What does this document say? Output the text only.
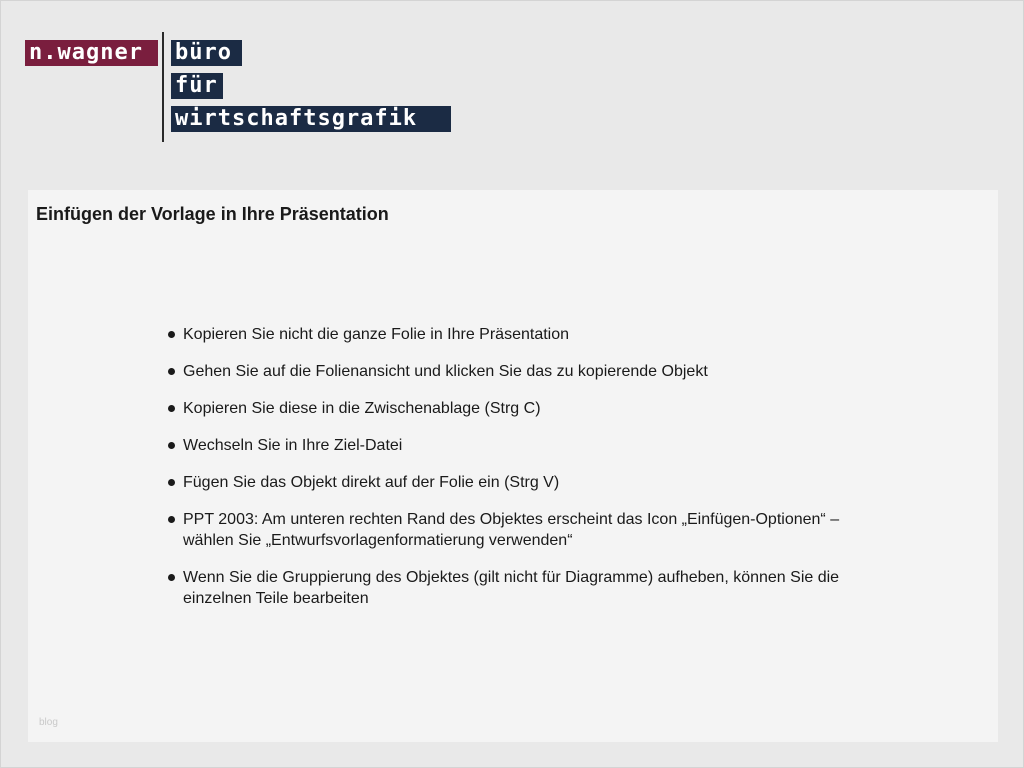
n.wagner	büro
für
wirtschaftsgrafik
Einfügen der Vorlage in Ihre Präsentation
Kopieren Sie nicht die ganze Folie in Ihre Präsentation
Gehen Sie auf die Folienansicht und klicken Sie das zu kopierende Objekt
Kopieren Sie diese in die Zwischenablage (Strg C)
Wechseln Sie in Ihre Ziel-Datei
Fügen Sie das Objekt direkt auf der Folie ein (Strg V)
PPT 2003: Am unteren rechten Rand des Objektes erscheint das Icon „Einfügen-Optionen“ – wählen Sie „Entwurfsvorlagenformatierung verwenden“
Wenn Sie die Gruppierung des Objektes (gilt nicht für Diagramme) aufheben, können Sie die einzelnen Teile bearbeiten
blog
